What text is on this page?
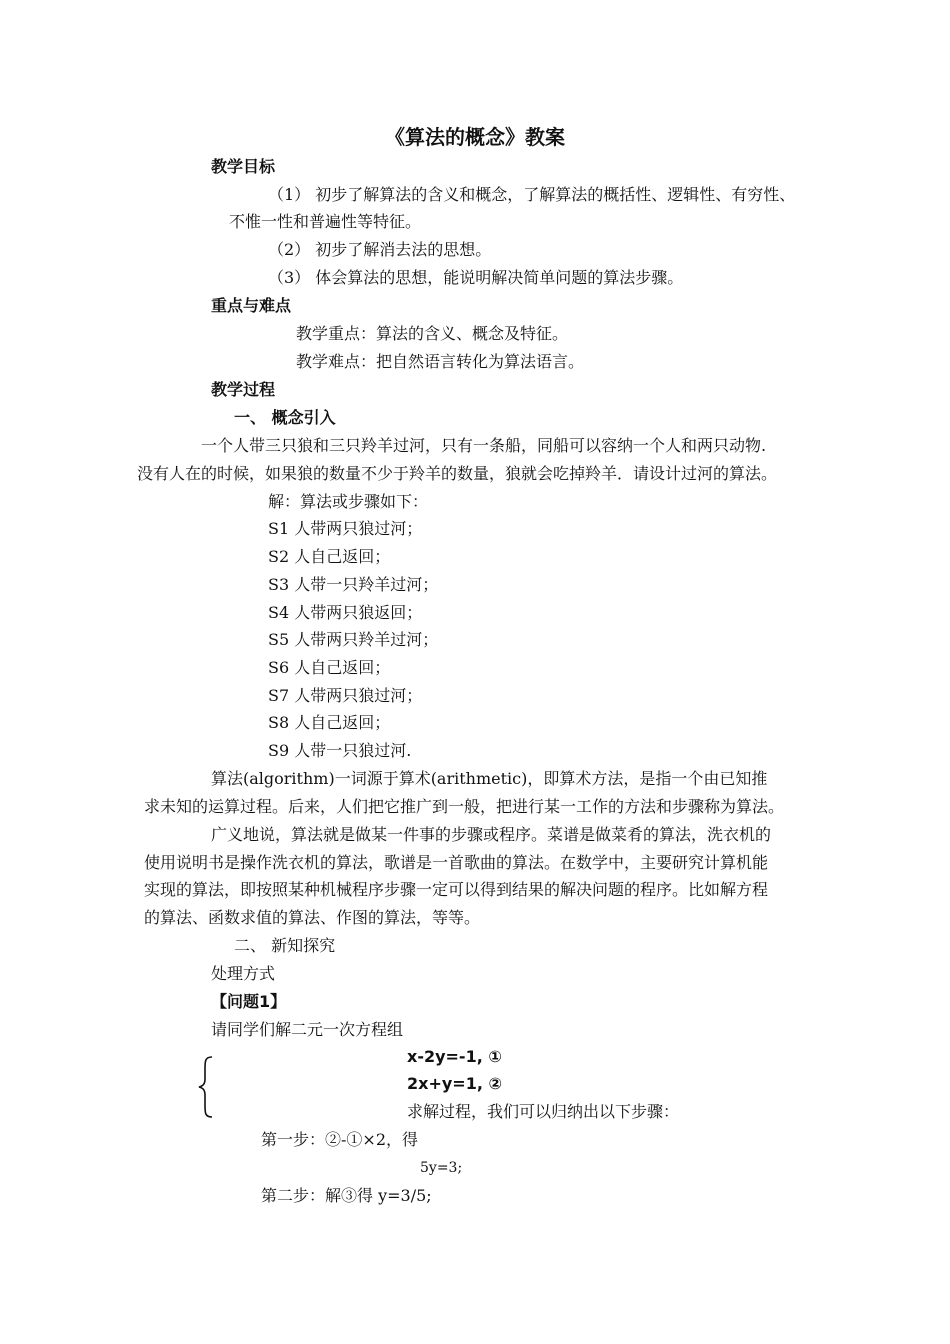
《算法的概念》教案
教学目标
（1） 初步了解算法的含义和概念，了解算法的概括性、逻辑性、有穷性、
不惟一性和普遍性等特征。
（2） 初步了解消去法的思想。
（3） 体会算法的思想，能说明解决简单问题的算法步骤。
重点与难点
教学重点：算法的含义、概念及特征。
教学难点：把自然语言转化为算法语言。
教学过程
一、 概念引入
一个人带三只狼和三只羚羊过河，只有一条船，同船可以容纳一个人和两只动物.
没有人在的时候，如果狼的数量不少于羚羊的数量，狼就会吃掉羚羊．请设计过河的算法。
解：算法或步骤如下：
S1 人带两只狼过河；
S2 人自己返回；
S3 人带一只羚羊过河；
S4 人带两只狼返回；
S5 人带两只羚羊过河；
S6 人自己返回；
S7 人带两只狼过河；
S8 人自己返回；
S9 人带一只狼过河.
算法(algorithm)一词源于算术(arithmetic)，即算术方法，是指一个由已知推
求未知的运算过程。后来，人们把它推广到一般，把进行某一工作的方法和步骤称为算法。
广义地说，算法就是做某一件事的步骤或程序。菜谱是做菜肴的算法，洗衣机的
使用说明书是操作洗衣机的算法，歌谱是一首歌曲的算法。在数学中，主要研究计算机能
实现的算法，即按照某种机械程序步骤一定可以得到结果的解决问题的程序。比如解方程
的算法、函数求值的算法、作图的算法，等等。
二、 新知探究
处理方式
【问题1】
请同学们解二元一次方程组
x-2y=-1, ①
2x+y=1, ②
求解过程，我们可以归纳出以下步骤：
第一步：②-①×2，得
5y=3;
第二步：解③得 y=3/5;
